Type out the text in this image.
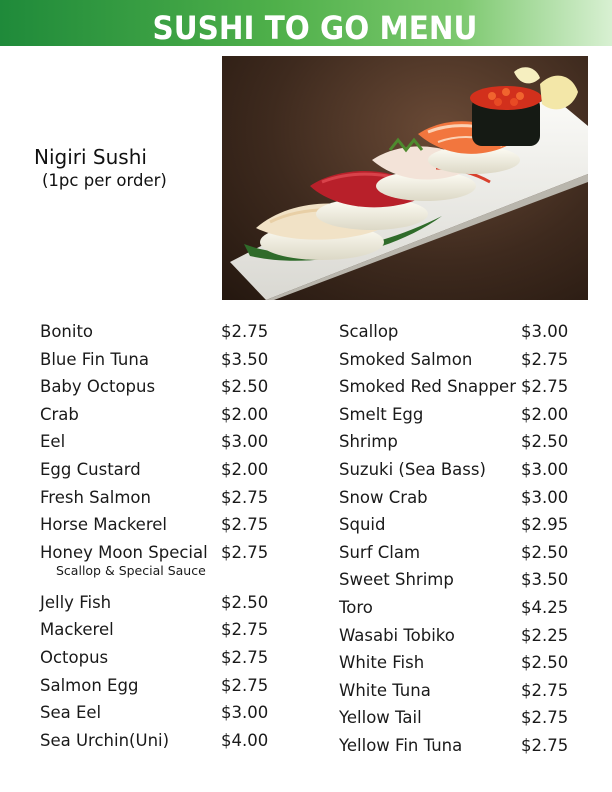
SUSHI TO GO MENU
Nigiri Sushi
(1pc per order)
Bonito	$2.75
Blue Fin Tuna	$3.50
Baby Octopus	$2.50
Crab	$2.00
Eel	$3.00
Egg Custard	$2.00
Fresh Salmon	$2.75
Horse Mackerel	$2.75
Honey Moon Special $2.75
Scallop & Special Sauce
Jelly Fish	$2.50
Mackerel	$2.75
Octopus	$2.75
Salmon Egg	$2.75
Sea Eel	$3.00
Sea Urchin(Uni)	$4.00
Scallop	$3.00
Smoked Salmon	$2.75
Smoked Red Snapper $2.75
Smelt Egg	$2.00
Shrimp	$2.50
Suzuki (Sea Bass) $3.00
Snow Crab	$3.00
Squid	$2.95
Surf Clam	$2.50
Sweet Shrimp	$3.50
Toro	$4.25
Wasabi Tobiko	$2.25
White Fish	$2.50
White Tuna	$2.75
Yellow Tail	$2.75
Yellow Fin Tuna	$2.75
